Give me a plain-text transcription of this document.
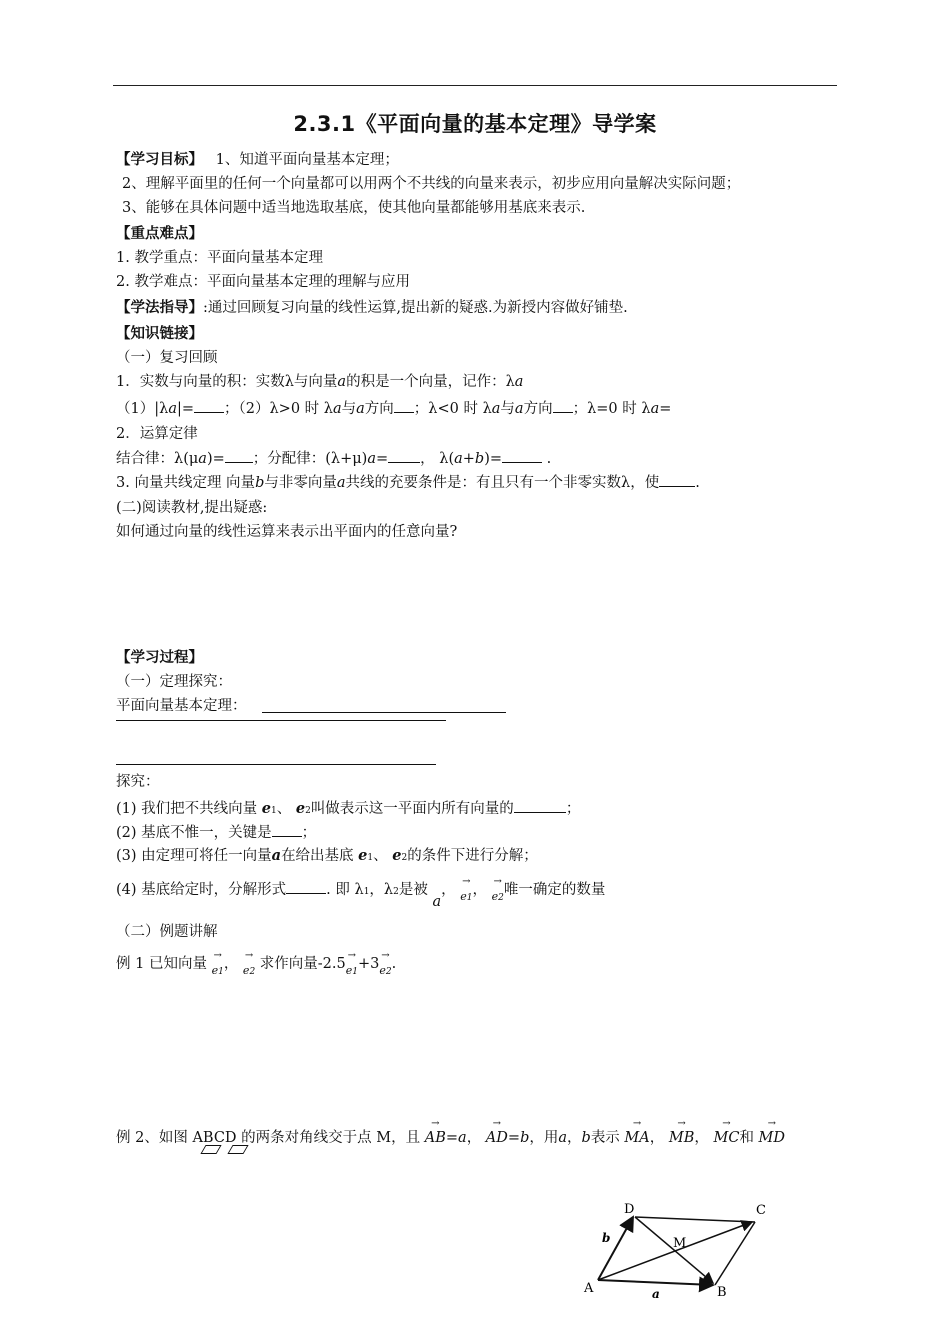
2.3.1《平面向量的基本定理》导学案
【学习目标】 1、知道平面向量基本定理；
2、理解平面里的任何一个向量都可以用两个不共线的向量来表示，初步应用向量解决实际问题；
3、能够在具体问题中适当地选取基底，使其他向量都能够用基底来表示.
【重点难点】
1. 教学重点：平面向量基本定理
2. 教学难点：平面向量基本定理的理解与应用
【学法指导】:通过回顾复习向量的线性运算,提出新的疑惑.为新授内容做好铺垫.
【知识链接】
（一）复习回顾
1．实数与向量的积：实数λ与向量a的积是一个向量，记作：λa
（1）|λa|= ；（2）λ>0 时 λa与a方向 ；λ<0 时 λa与a方向 ；λ=0 时 λa=
2．运算定律
结合律：λ(μa)= ；分配律：(λ+μ)a= ， λ(a+b)=	.
3. 向量共线定理 向量b与非零向量a共线的充要条件是：有且只有一个非零实数λ，使 .
(二)阅读教材,提出疑惑:
如何通过向量的线性运算来表示出平面内的任意向量?
【学习过程】
（一）定理探究：
平面向量基本定理：
探究：
(1) 我们把不共线向量 e1、 e2叫做表示这一平面内所有向量的	；
(2) 基底不惟一，关键是 ；
(3) 由定理可将任一向量a在给出基底 e1、 e2的条件下进行分解；
(4) 基底给定时，分解形式	. 即 λ1，λ2是被 a，
→
e1，
→
e2唯一确定的数量
（二）例题讲解
例 1 已知向量
→
e1，
→
e2 求作向量-2.5
→
e1+3
→
e2.
例 2、如图 ABCD 的两条对角线交于点 M，且
→
AB=a，
→
AD=b，用a，b表示
→
MA，
→
MB，
→
MC和
→
MD

A	B
C
D
M
a
b
